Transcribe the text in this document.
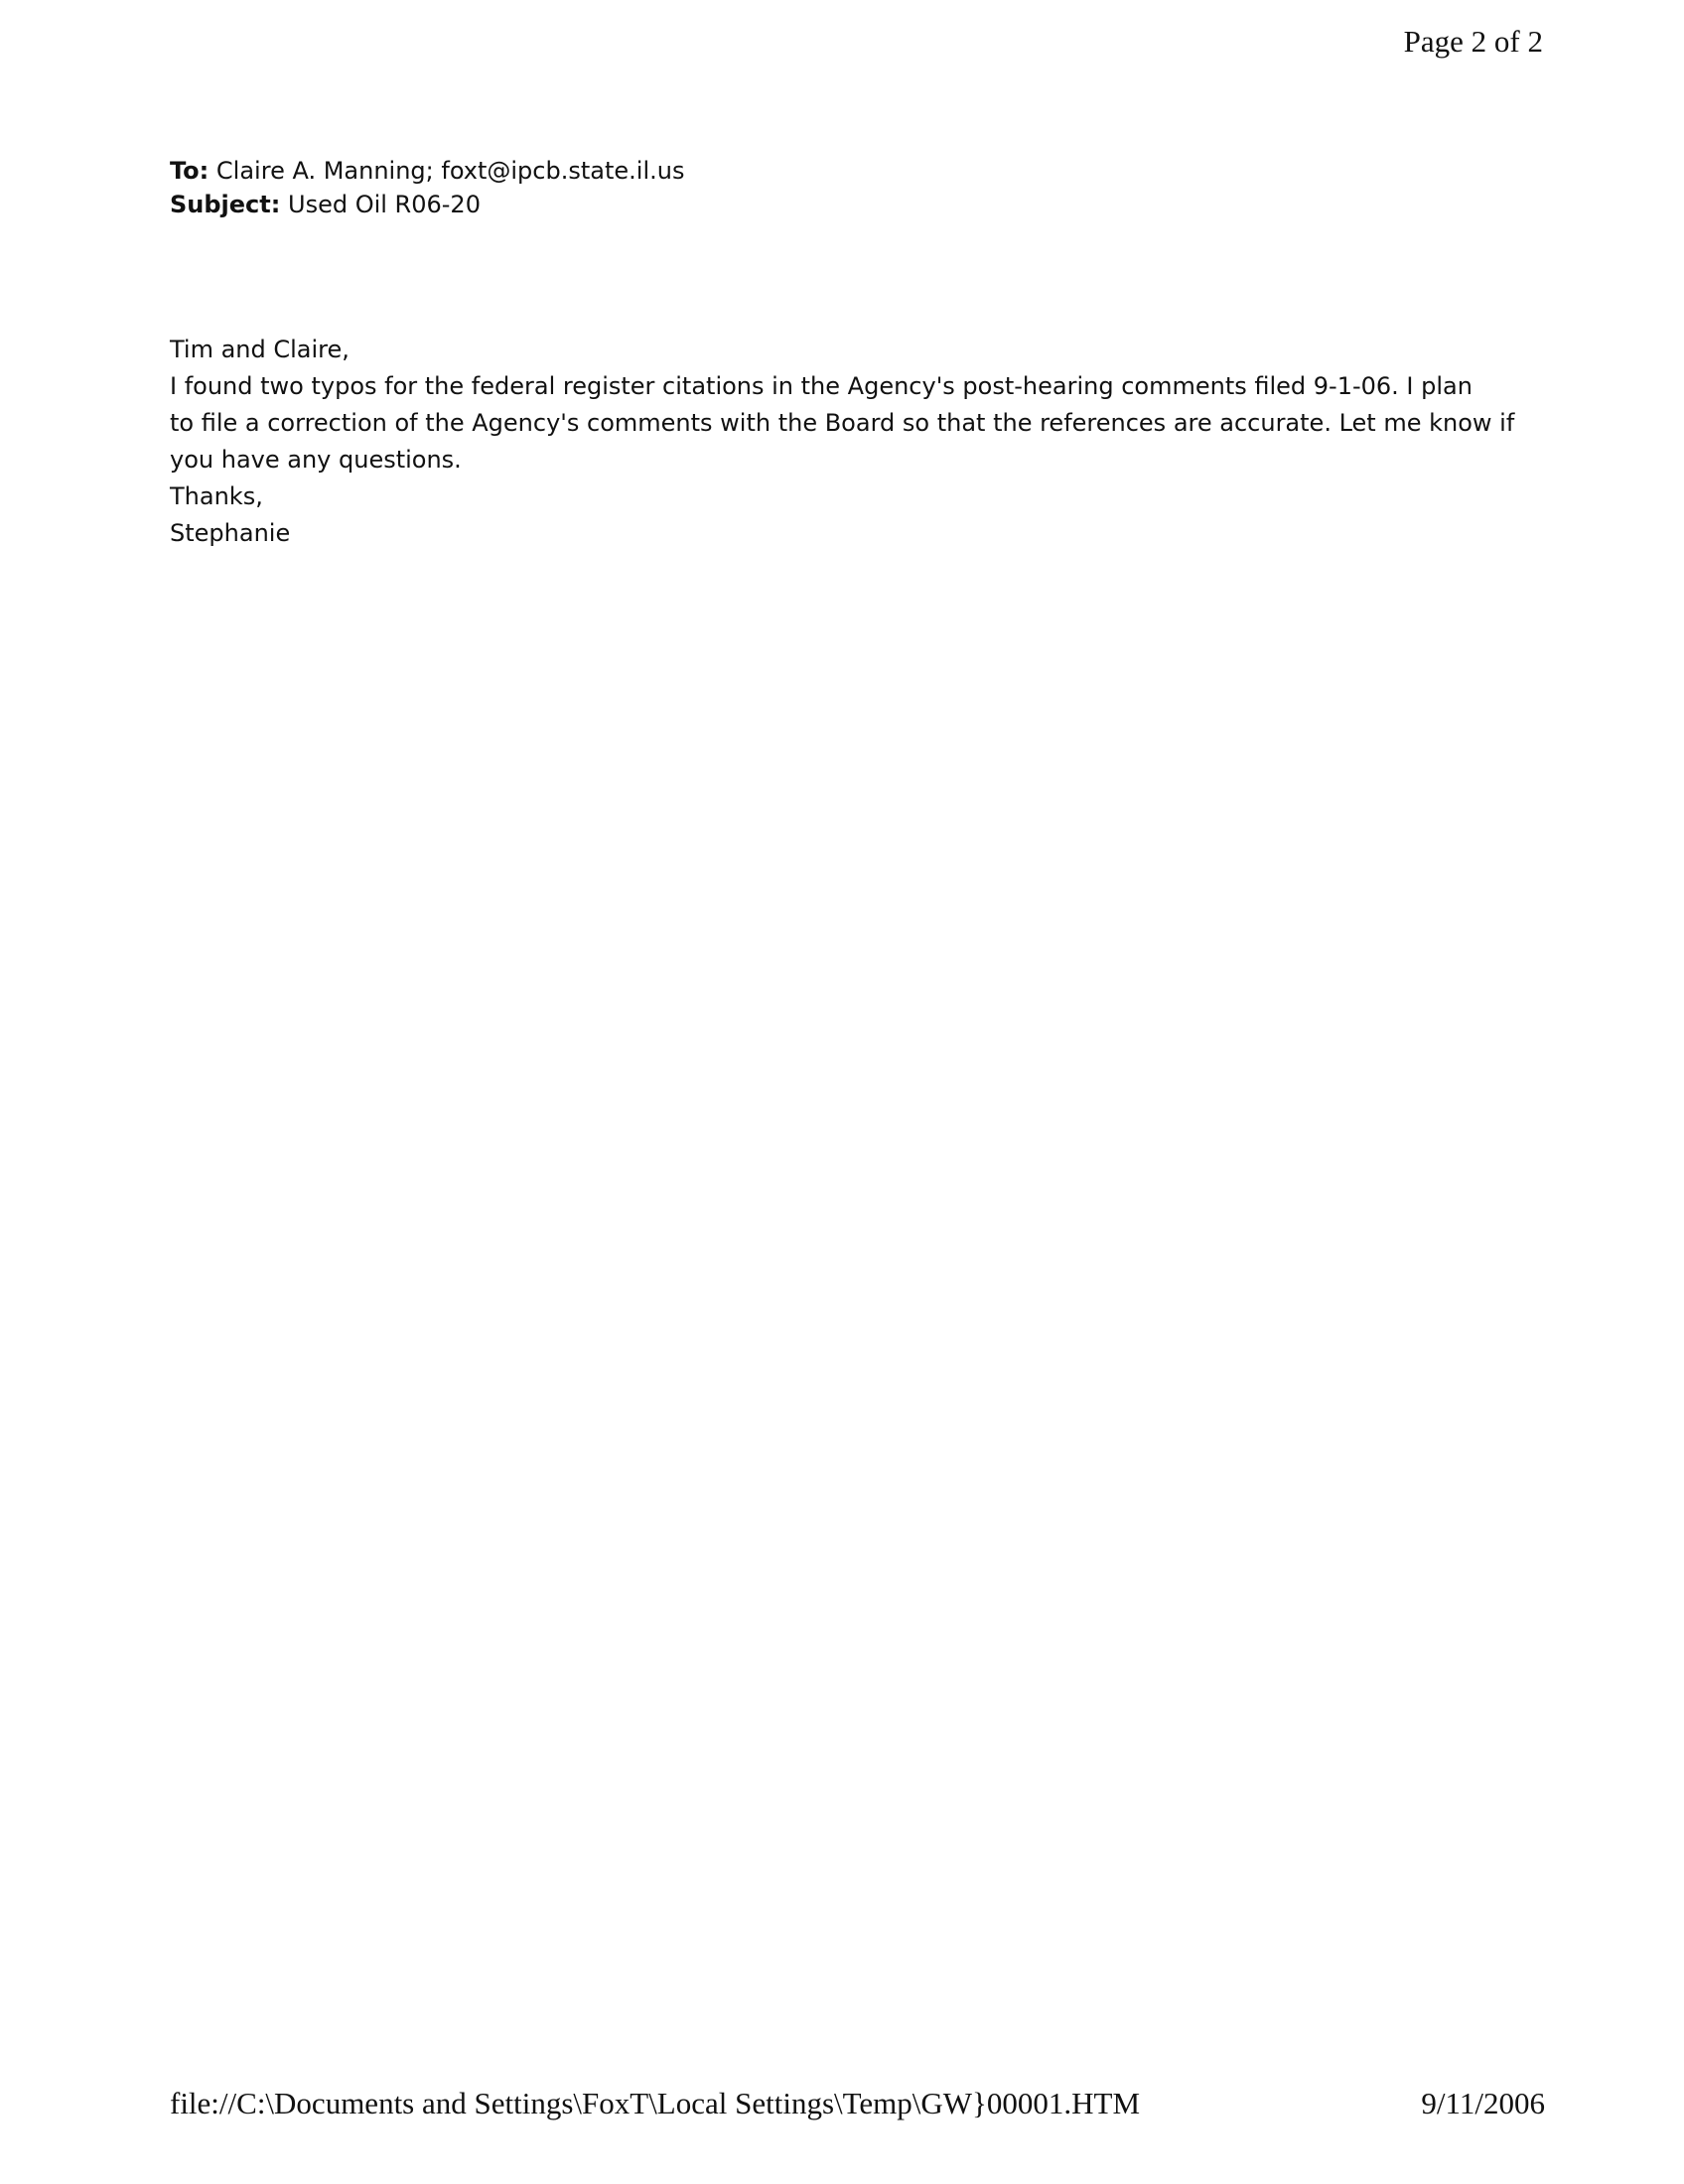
Page 2 of 2
To: Claire A. Manning; foxt@ipcb.state.il.us
Subject: Used Oil R06-20
Tim and Claire,
I found two typos for the federal register citations in the Agency's post-hearing comments filed 9-1-06. I plan
to file a correction of the Agency's comments with the Board so that the references are accurate. Let me know if
you have any questions.
Thanks,
Stephanie
file://C:\Documents and Settings\FoxT\Local Settings\Temp\GW}00001.HTM	9/11/2006
